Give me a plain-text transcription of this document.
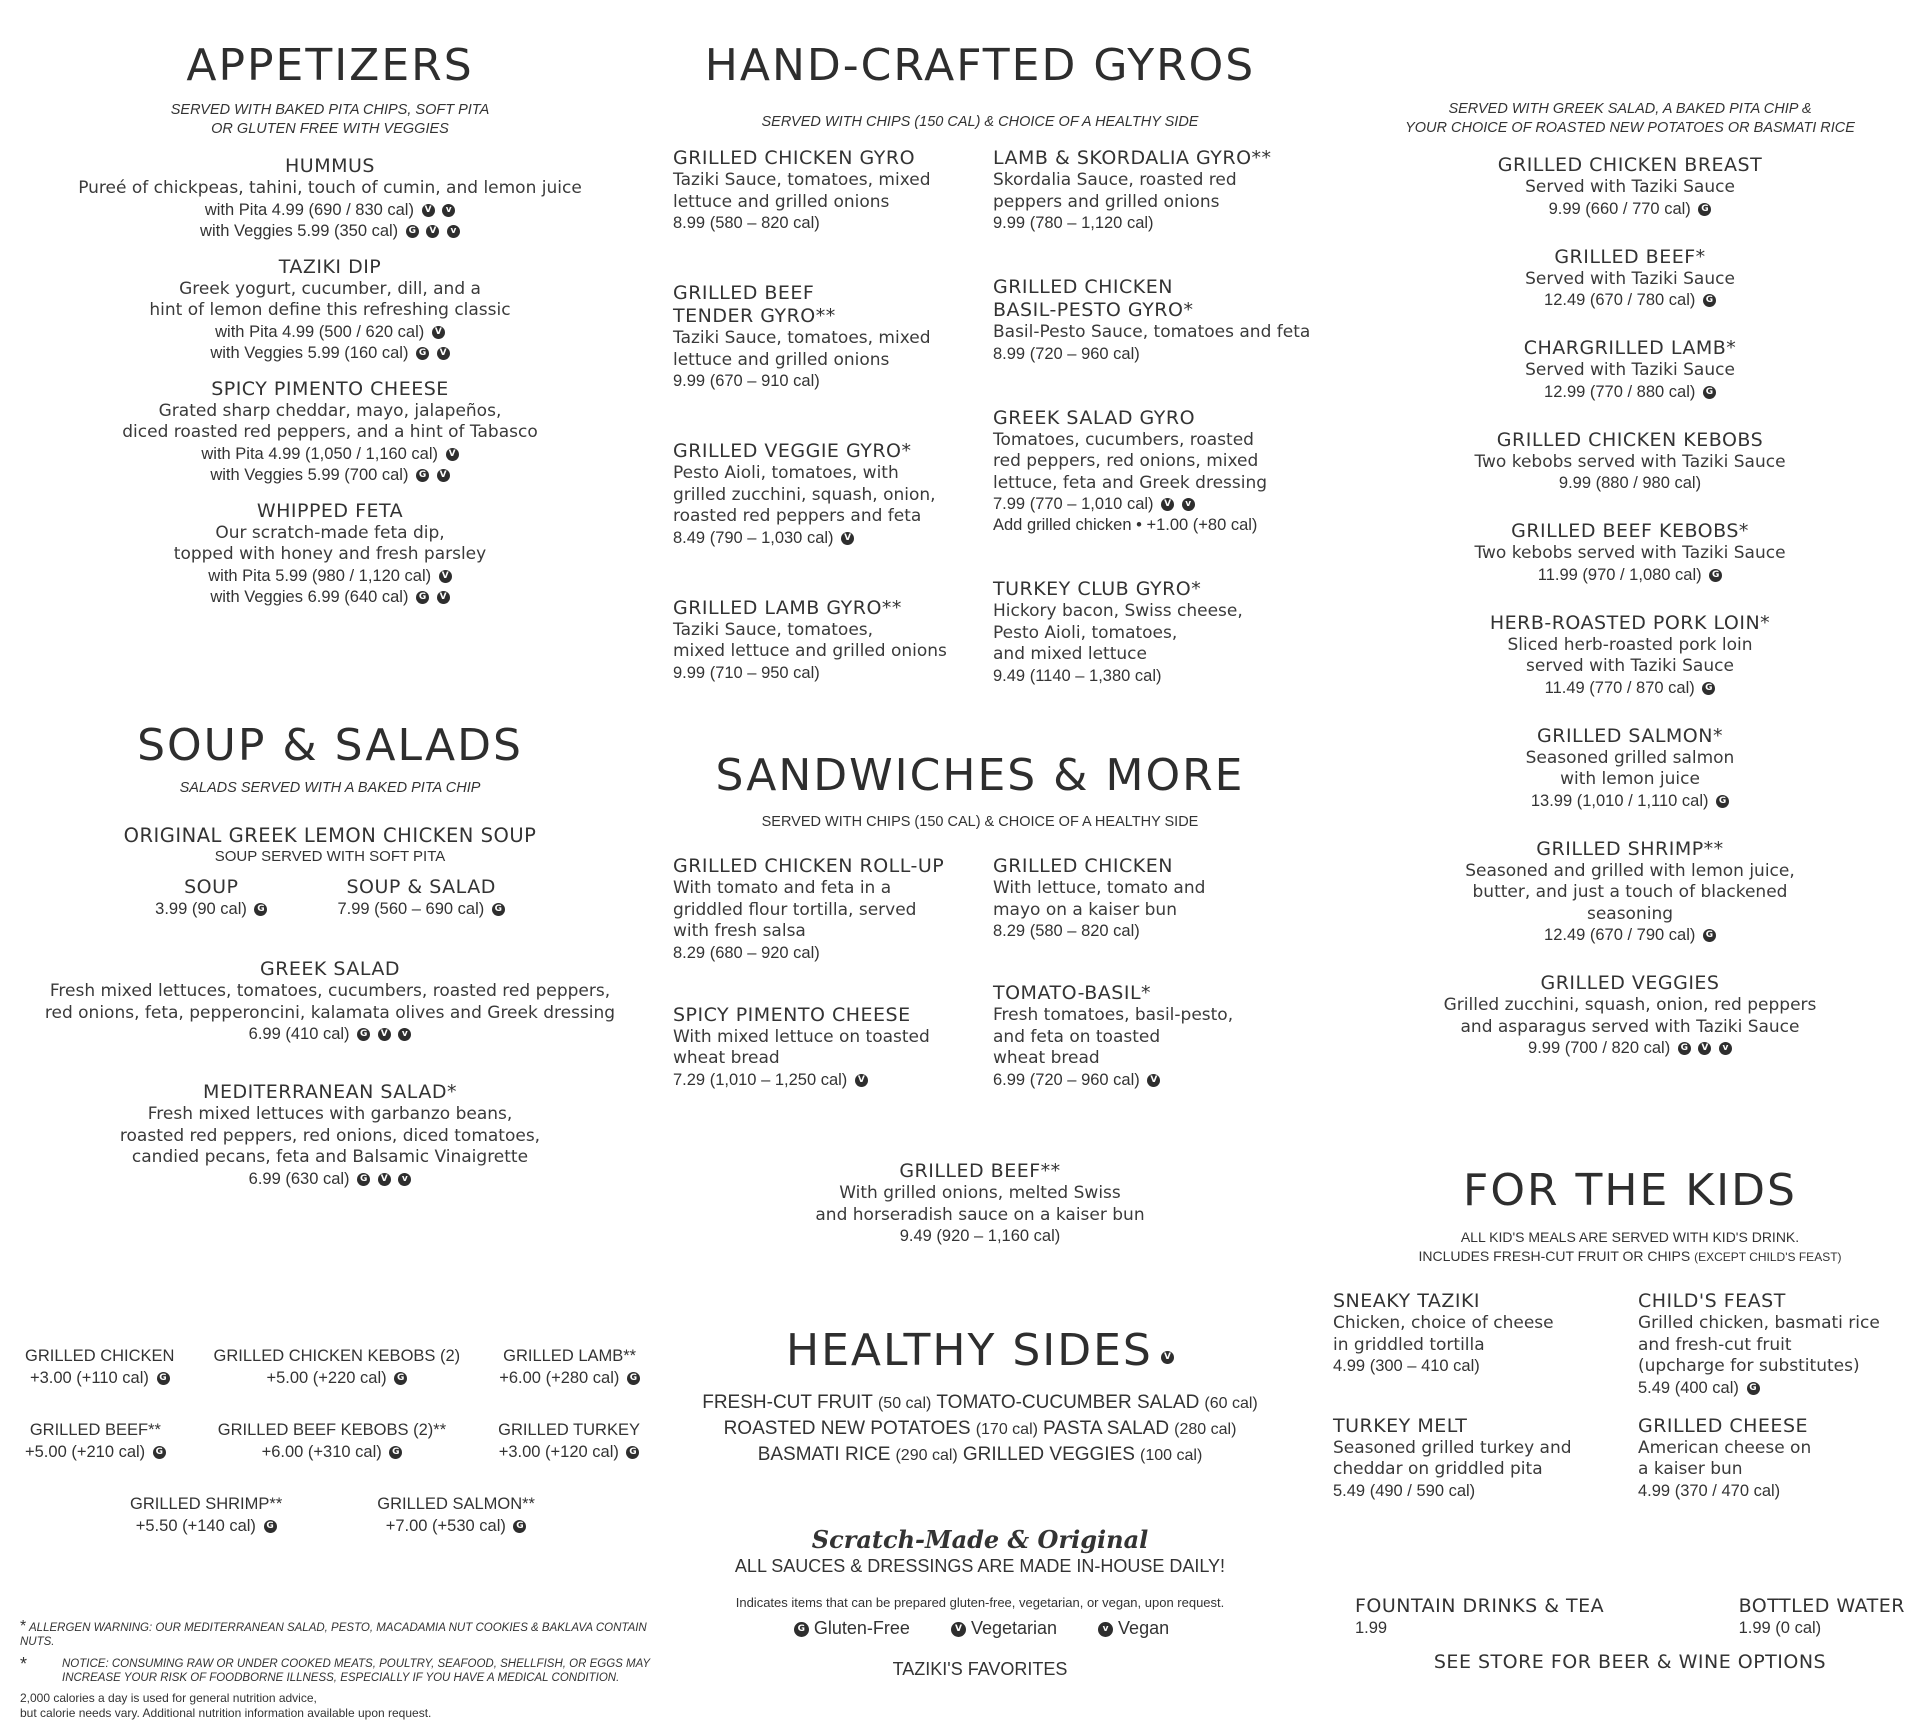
APPETIZERS
SERVED WITH BAKED PITA CHIPS, SOFT PITA
OR GLUTEN FREE WITH VEGGIES
HUMMUS
Pureé of chickpeas, tahini, touch of cumin, and lemon juice
with Pita 4.99 (690 / 830 cal) V v
with Veggies 5.99 (350 cal) G V v
TAZIKI DIP
Greek yogurt, cucumber, dill, and a
hint of lemon define this refreshing classic
with Pita 4.99 (500 / 620 cal) V
with Veggies 5.99 (160 cal) G V
SPICY PIMENTO CHEESE
Grated sharp cheddar, mayo, jalapeños,
diced roasted red peppers, and a hint of Tabasco
with Pita 4.99 (1,050 / 1,160 cal) V
with Veggies 5.99 (700 cal) G V
WHIPPED FETA
Our scratch-made feta dip,
topped with honey and fresh parsley
with Pita 5.99 (980 / 1,120 cal) V
with Veggies 6.99 (640 cal) G V
SOUP & SALADS
SALADS SERVED WITH A BAKED PITA CHIP
ORIGINAL GREEK LEMON CHICKEN SOUP
SOUP SERVED WITH SOFT PITA
SOUP
3.99 (90 cal) G
SOUP & SALAD
7.99 (560 – 690 cal) G
GREEK SALAD
Fresh mixed lettuces, tomatoes, cucumbers, roasted red peppers,
red onions, feta, pepperoncini, kalamata olives and Greek dressing
6.99 (410 cal) G V v
MEDITERRANEAN SALAD*
Fresh mixed lettuces with garbanzo beans,
roasted red peppers, red onions, diced tomatoes,
candied pecans, feta and Balsamic Vinaigrette
6.99 (630 cal) G V v
GRILLED CHICKEN
+3.00 (+110 cal) G
GRILLED CHICKEN KEBOBS (2)
+5.00 (+220 cal) G
GRILLED LAMB**
+6.00 (+280 cal) G
GRILLED BEEF**
+5.00 (+210 cal) G
GRILLED BEEF KEBOBS (2)**
+6.00 (+310 cal) G
GRILLED TURKEY
+3.00 (+120 cal) G
GRILLED SHRIMP**
+5.50 (+140 cal) G
GRILLED SALMON**
+7.00 (+530 cal) G
* ALLERGEN WARNING: OUR MEDITERRANEAN SALAD, PESTO, MACADAMIA NUT COOKIES & BAKLAVA CONTAIN NUTS.
*	NOTICE: CONSUMING RAW OR UNDER COOKED MEATS, POULTRY, SEAFOOD, SHELLFISH, OR EGGS MAY
INCREASE YOUR RISK OF FOODBORNE ILLNESS, ESPECIALLY IF YOU HAVE A MEDICAL CONDITION.
2,000 calories a day is used for general nutrition advice,
but calorie needs vary. Additional nutrition information available upon request.
HAND-CRAFTED GYROS
SERVED WITH CHIPS (150 CAL) & CHOICE OF A HEALTHY SIDE
GRILLED CHICKEN GYRO
Taziki Sauce, tomatoes, mixed
lettuce and grilled onions
8.99 (580 – 820 cal)
GRILLED BEEF
TENDER GYRO**
Taziki Sauce, tomatoes, mixed
lettuce and grilled onions
9.99 (670 – 910 cal)
GRILLED VEGGIE GYRO*
Pesto Aioli, tomatoes, with
grilled zucchini, squash, onion,
roasted red peppers and feta
8.49 (790 – 1,030 cal) V
GRILLED LAMB GYRO**
Taziki Sauce, tomatoes,
mixed lettuce and grilled onions
9.99 (710 – 950 cal)
LAMB & SKORDALIA GYRO**
Skordalia Sauce, roasted red
peppers and grilled onions
9.99 (780 – 1,120 cal)
GRILLED CHICKEN
BASIL-PESTO GYRO*
Basil-Pesto Sauce, tomatoes and feta
8.99 (720 – 960 cal)
GREEK SALAD GYRO
Tomatoes, cucumbers, roasted
red peppers, red onions, mixed
lettuce, feta and Greek dressing
7.99 (770 – 1,010 cal) V v
Add grilled chicken • +1.00 (+80 cal)
TURKEY CLUB GYRO*
Hickory bacon, Swiss cheese,
Pesto Aioli, tomatoes,
and mixed lettuce
9.49 (1140 – 1,380 cal)
SANDWICHES & MORE
SERVED WITH CHIPS (150 CAL) & CHOICE OF A HEALTHY SIDE
GRILLED CHICKEN ROLL-UP
With tomato and feta in a
griddled flour tortilla, served
with fresh salsa
8.29 (680 – 920 cal)
SPICY PIMENTO CHEESE
With mixed lettuce on toasted
wheat bread
7.29 (1,010 – 1,250 cal) V
GRILLED CHICKEN
With lettuce, tomato and
mayo on a kaiser bun
8.29 (580 – 820 cal)
TOMATO-BASIL*
Fresh tomatoes, basil-pesto,
and feta on toasted
wheat bread
6.99 (720 – 960 cal) V
GRILLED BEEF**
With grilled onions, melted Swiss
and horseradish sauce on a kaiser bun
9.49 (920 – 1,160 cal)
HEALTHY SIDES V
FRESH-CUT FRUIT (50 cal) TOMATO-CUCUMBER SALAD (60 cal)
ROASTED NEW POTATOES (170 cal) PASTA SALAD (280 cal)
BASMATI RICE (290 cal) GRILLED VEGGIES (100 cal)
Scratch-Made & Original
ALL SAUCES & DRESSINGS ARE MADE IN-HOUSE DAILY!
Indicates items that can be prepared gluten-free, vegetarian, or vegan, upon request.
G Gluten-Free	V Vegetarian	v Vegan
TAZIKI'S FAVORITES
SERVED WITH GREEK SALAD, A BAKED PITA CHIP &
YOUR CHOICE OF ROASTED NEW POTATOES OR BASMATI RICE
GRILLED CHICKEN BREAST
Served with Taziki Sauce
9.99 (660 / 770 cal) G
GRILLED BEEF*
Served with Taziki Sauce
12.49 (670 / 780 cal) G
CHARGRILLED LAMB*
Served with Taziki Sauce
12.99 (770 / 880 cal) G
GRILLED CHICKEN KEBOBS
Two kebobs served with Taziki Sauce
9.99 (880 / 980 cal)
GRILLED BEEF KEBOBS*
Two kebobs served with Taziki Sauce
11.99 (970 / 1,080 cal) G
HERB-ROASTED PORK LOIN*
Sliced herb-roasted pork loin
served with Taziki Sauce
11.49 (770 / 870 cal) G
GRILLED SALMON*
Seasoned grilled salmon
with lemon juice
13.99 (1,010 / 1,110 cal) G
GRILLED SHRIMP**
Seasoned and grilled with lemon juice,
butter, and just a touch of blackened
seasoning
12.49 (670 / 790 cal) G
GRILLED VEGGIES
Grilled zucchini, squash, onion, red peppers
and asparagus served with Taziki Sauce
9.99 (700 / 820 cal) G V v
FOR THE KIDS
ALL KID'S MEALS ARE SERVED WITH KID'S DRINK.
INCLUDES FRESH-CUT FRUIT OR CHIPS (EXCEPT CHILD'S FEAST)
SNEAKY TAZIKI
Chicken, choice of cheese
in griddled tortilla
4.99 (300 – 410 cal)
CHILD'S FEAST
Grilled chicken, basmati rice
and fresh-cut fruit
(upcharge for substitutes)
5.49 (400 cal) G
TURKEY MELT
Seasoned grilled turkey and
cheddar on griddled pita
5.49 (490 / 590 cal)
GRILLED CHEESE
American cheese on
a kaiser bun
4.99 (370 / 470 cal)
FOUNTAIN DRINKS & TEA
1.99
BOTTLED WATER
1.99 (0 cal)
SEE STORE FOR BEER & WINE OPTIONS
